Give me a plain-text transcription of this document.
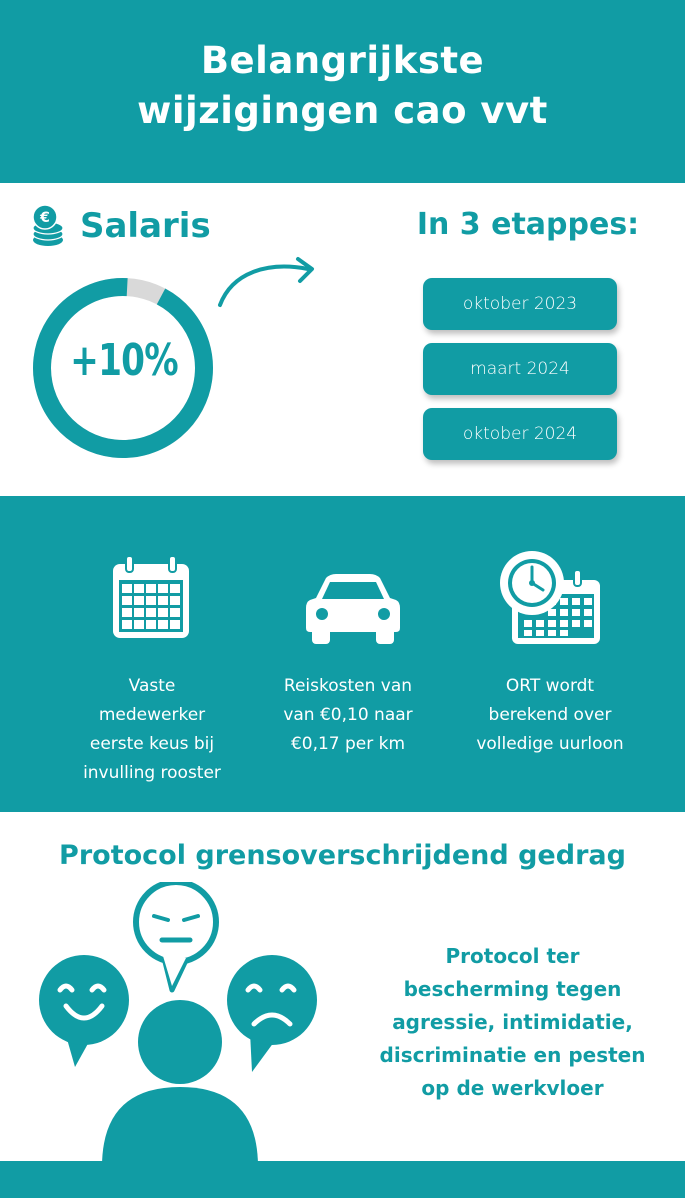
Belangrijkste
wijzigingen cao vvt
€ Salaris
+10%
In 3 etappes:
oktober 2023
maart 2024
oktober 2024
Vaste
medewerker
eerste keus bij
invulling rooster
Reiskosten van
van €0,10 naar
€0,17 per km
ORT wordt
berekend over
volledige uurloon
Protocol grensoverschrijdend gedrag
Protocol ter
bescherming tegen
agressie, intimidatie,
discriminatie en pesten
op de werkvloer
